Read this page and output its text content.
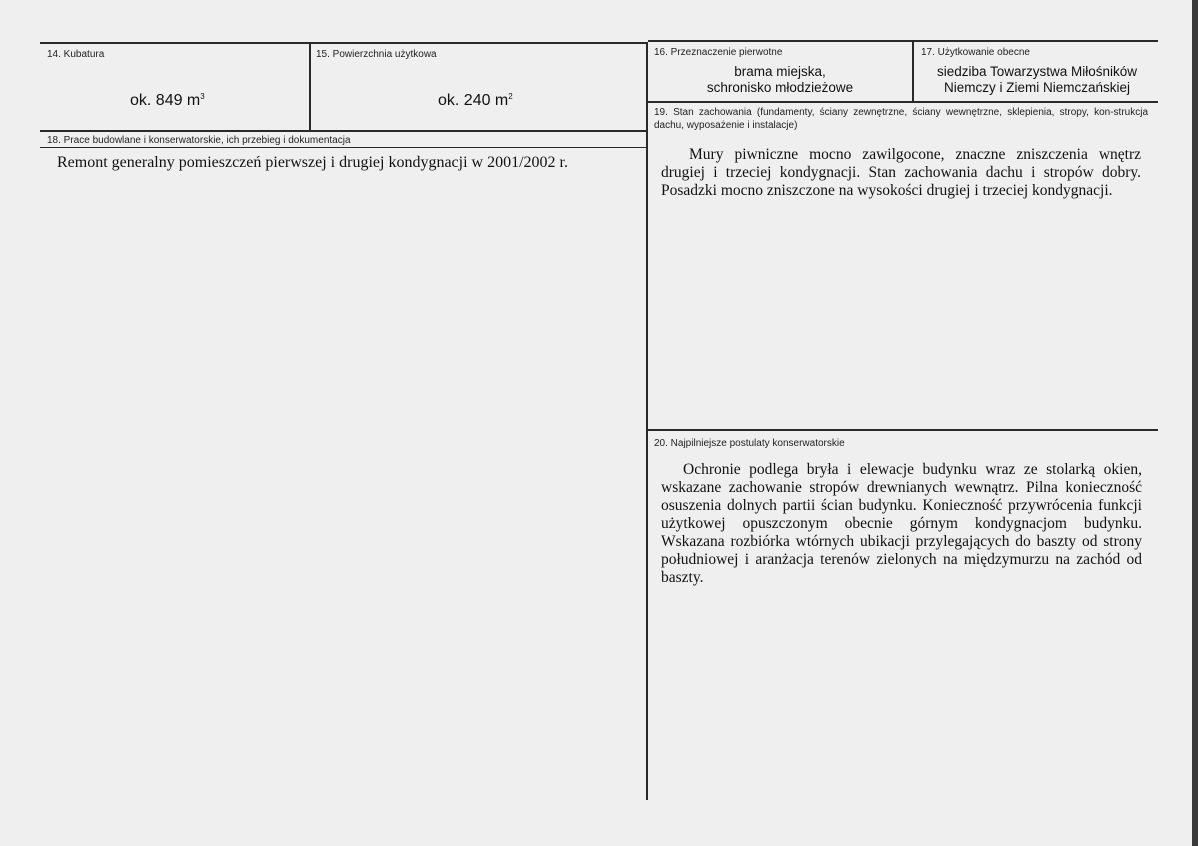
14. Kubatura
ok. 849 $m^3$
15. Powierzchnia użytkowa
ok. 240 $m^2$
16. Przeznaczenie pierwotne
brama miejska,
schronisko młodzieżowe
17. Użytkowanie obecne
siedziba Towarzystwa Miłośników
Niemczy i Ziemi Niemczańskiej
18. Prace budowlane i konserwatorskie, ich przebieg i dokumentacja
Remont generalny pomieszczeń pierwszej i drugiej kondygnacji w 2001/2002 r.
19. Stan zachowania (fundamenty, ściany zewnętrzne, ściany wewnętrzne, sklepienia, stropy, kon-strukcja dachu, wyposażenie i instalacje)

Mury piwniczne mocno zawilgocone, znaczne zniszczenia wnętrz drugiej i trzeciej kondygnacji. Stan zachowania dachu i stropów dobry. Posadzki mocno zniszczone na wysokości drugiej i trzeciej kondygnacji.

20. Najpilniejsze postulaty konserwatorskie

Ochronie podlega bryła i elewacje budynku wraz ze stolarką okien, wskazane zachowanie stropów drewnianych wewnątrz. Pilna konieczność osuszenia dolnych partii ścian budynku. Konieczność przywrócenia funkcji użytkowej opuszczonym obecnie górnym kondygnacjom budynku. Wskazana rozbiórka wtórnych ubikacji przylegających do baszty od strony południowej i aranżacja terenów zielonych na międzymurzu na zachód od baszty.
